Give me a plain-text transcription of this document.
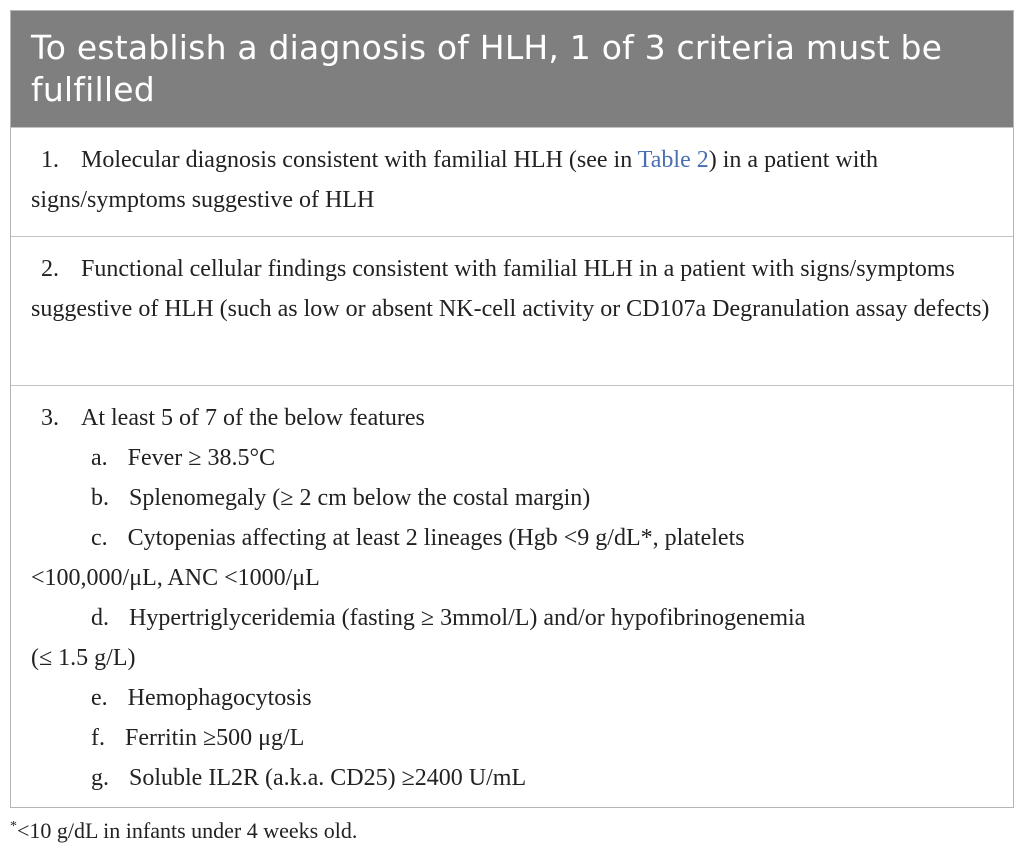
To establish a diagnosis of HLH, 1 of 3 criteria must be fulfilled
1. Molecular diagnosis consistent with familial HLH (see in Table 2) in a patient with signs/symptoms suggestive of HLH
2. Functional cellular findings consistent with familial HLH in a patient with signs/symptoms suggestive of HLH (such as low or absent NK-cell activity or CD107a Degranulation assay defects)
3. At least 5 of 7 of the below features
a. Fever ≥ 38.5°C
b. Splenomegaly (≥ 2 cm below the costal margin)
c. Cytopenias affecting at least 2 lineages (Hgb <9 g/dL*, platelets
<100,000/μL, ANC <1000/μL
d. Hypertriglyceridemia (fasting ≥ 3mmol/L) and/or hypofibrinogenemia
(≤ 1.5 g/L)
e. Hemophagocytosis
f. Ferritin ≥500 μg/L
g. Soluble IL2R (a.k.a. CD25) ≥2400 U/mL
*<10 g/dL in infants under 4 weeks old.
